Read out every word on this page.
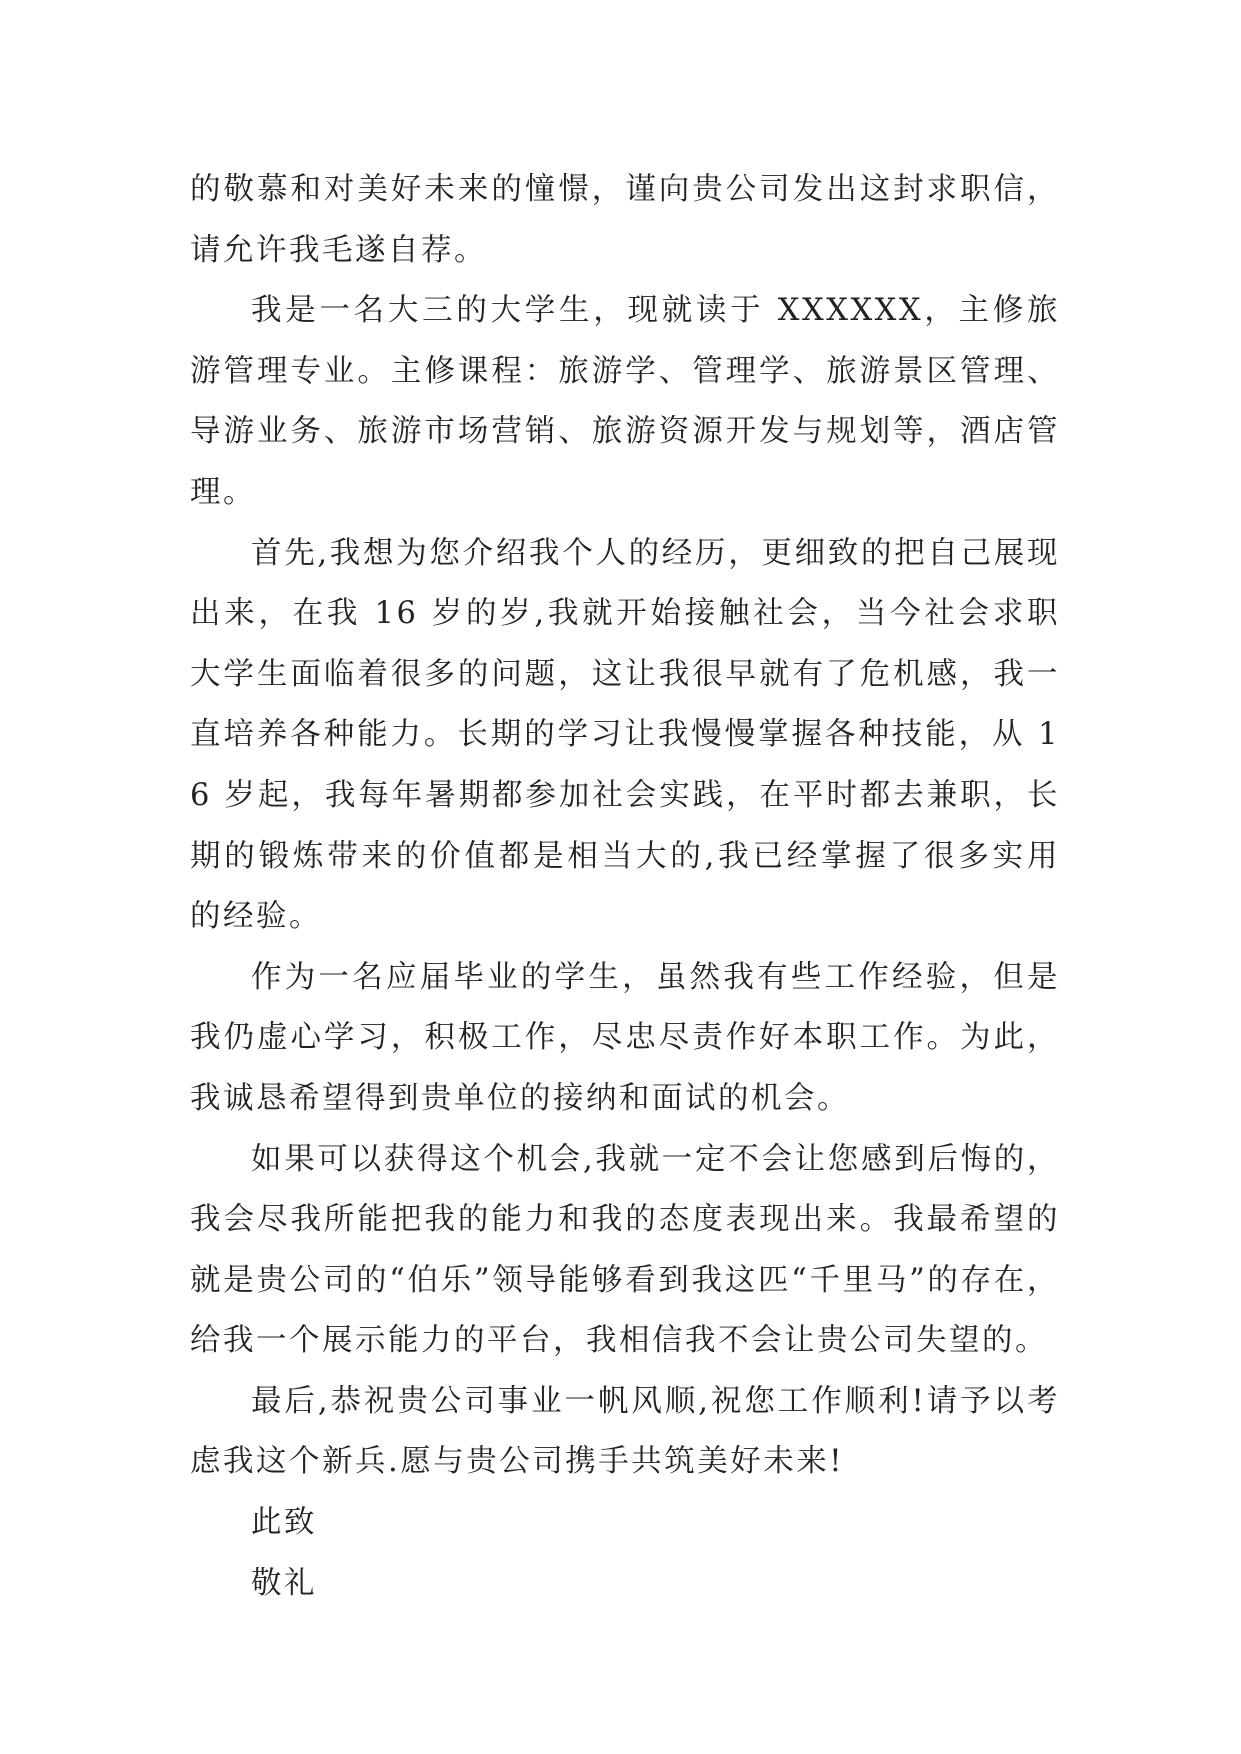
的敬慕和对美好未来的憧憬，谨向贵公司发出这封求职信，请允许我毛遂自荐。

我是一名大三的大学生，现就读于 XXXXXX，主修旅游管理专业。主修课程：旅游学、管理学、旅游景区管理、导游业务、旅游市场营销、旅游资源开发与规划等，酒店管理。

首先,我想为您介绍我个人的经历，更细致的把自己展现出来，在我 16 岁的岁,我就开始接触社会，当今社会求职大学生面临着很多的问题，这让我很早就有了危机感，我一直培养各种能力。长期的学习让我慢慢掌握各种技能，从 16 岁起，我每年暑期都参加社会实践，在平时都去兼职，长期的锻炼带来的价值都是相当大的,我已经掌握了很多实用的经验。

作为一名应届毕业的学生，虽然我有些工作经验，但是我仍虚心学习，积极工作，尽忠尽责作好本职工作。为此，我诚恳希望得到贵单位的接纳和面试的机会。

如果可以获得这个机会,我就一定不会让您感到后悔的，我会尽我所能把我的能力和我的态度表现出来。我最希望的就是贵公司的“伯乐”领导能够看到我这匹“千里马”的存在，给我一个展示能力的平台，我相信我不会让贵公司失望的。

最后,恭祝贵公司事业一帆风顺,祝您工作顺利!请予以考虑我这个新兵.愿与贵公司携手共筑美好未来!

此致

敬礼
